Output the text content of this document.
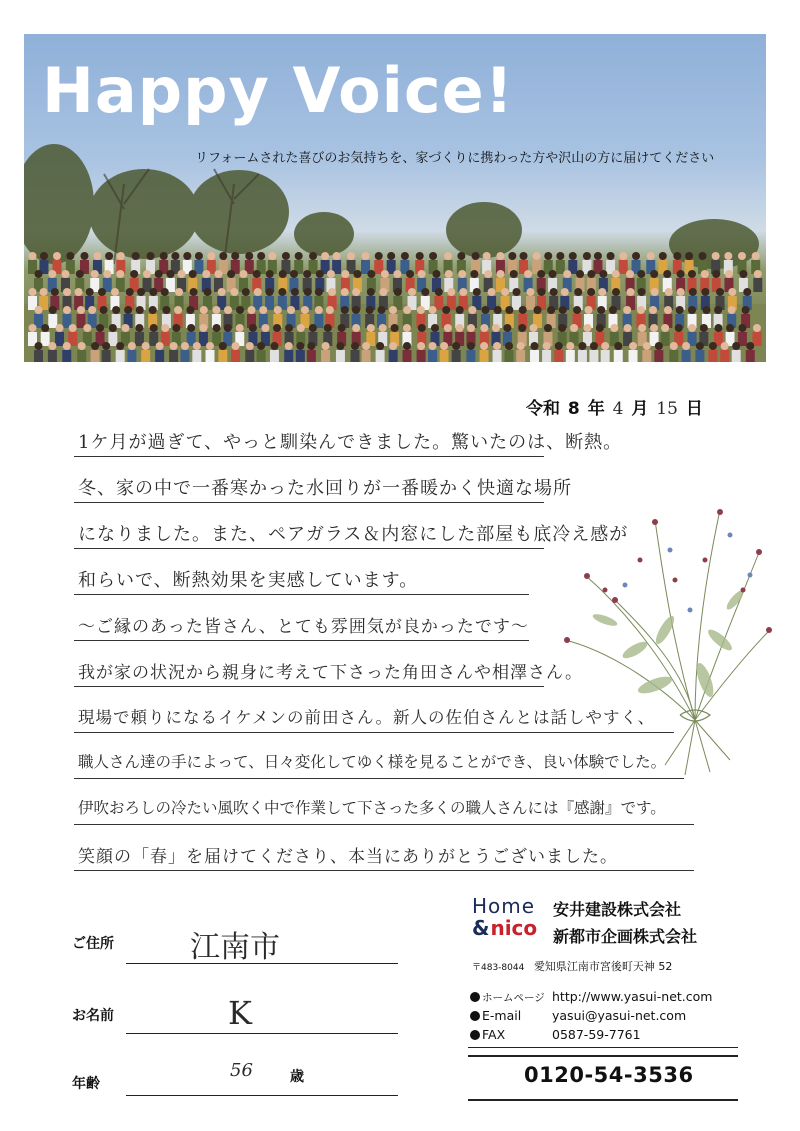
Happy Voice!
リフォームされた喜びのお気持ちを、家づくりに携わった方や沢山の方に届けてください
令和 8 年 4 月 15 日
1ケ月が過ぎて、やっと馴染んできました。驚いたのは、断熱。
冬、家の中で一番寒かった水回りが一番暖かく快適な場所
になりました。また、ペアガラス＆内窓にした部屋も底冷え感が
和らいで、断熱効果を実感しています。
〜ご縁のあった皆さん、とても雰囲気が良かったです〜
我が家の状況から親身に考えて下さった角田さんや相澤さん。
現場で頼りになるイケメンの前田さん。新人の佐伯さんとは話しやすく、
職人さん達の手によって、日々変化してゆく様を見ることができ、良い体験でした。
伊吹おろしの冷たい風吹く中で作業して下さった多くの職人さんには『感謝』です。
笑顔の「春」を届けてくださり、本当にありがとうございました。
ご住所	江南市
お名前	K
年齢
56	歳
Home
&nico
安井建設株式会社
新都市企画株式会社
〒483-8044 愛知県江南市宮後町天神 52
ホームページ http://www.yasui-net.com
E-mail yasui@yasui-net.com
FAX	0587-59-7761
0120-54-3536
